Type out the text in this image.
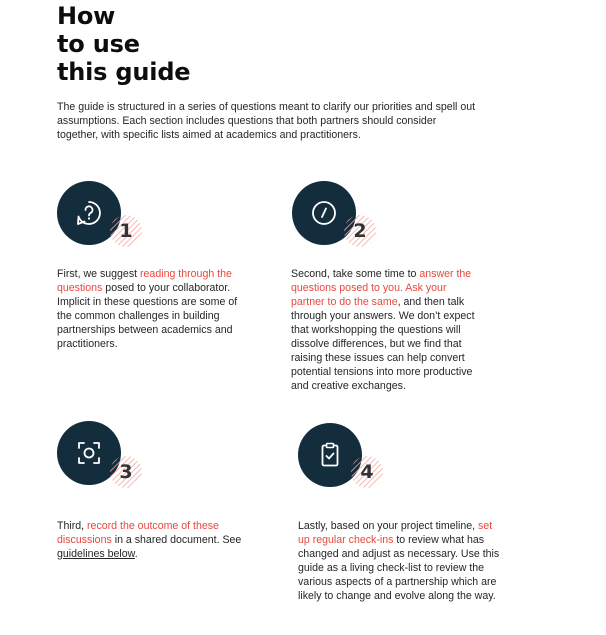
How
to use
this guide

The guide is structured in a series of questions meant to clarify our priorities and spell out assumptions. Each section includes questions that both partners should consider together, with specific lists aimed at academics and practitioners.

1

First, we suggest reading through the questions posed to your collaborator. Implicit in these questions are some of the common challenges in building partnerships between academics and practitioners.

2

Second, take some time to answer the questions posed to you. Ask your partner to do the same, and then talk through your answers. We don’t expect that workshopping the questions will dissolve differences, but we find that raising these issues can help convert potential tensions into more productive and creative exchanges.

3

Third, record the outcome of these discussions in a shared document. See guidelines below.

4

Lastly, based on your project timeline, set up regular check-ins to review what has changed and adjust as necessary. Use this guide as a living check-list to review the various aspects of a partnership which are likely to change and evolve along the way.
